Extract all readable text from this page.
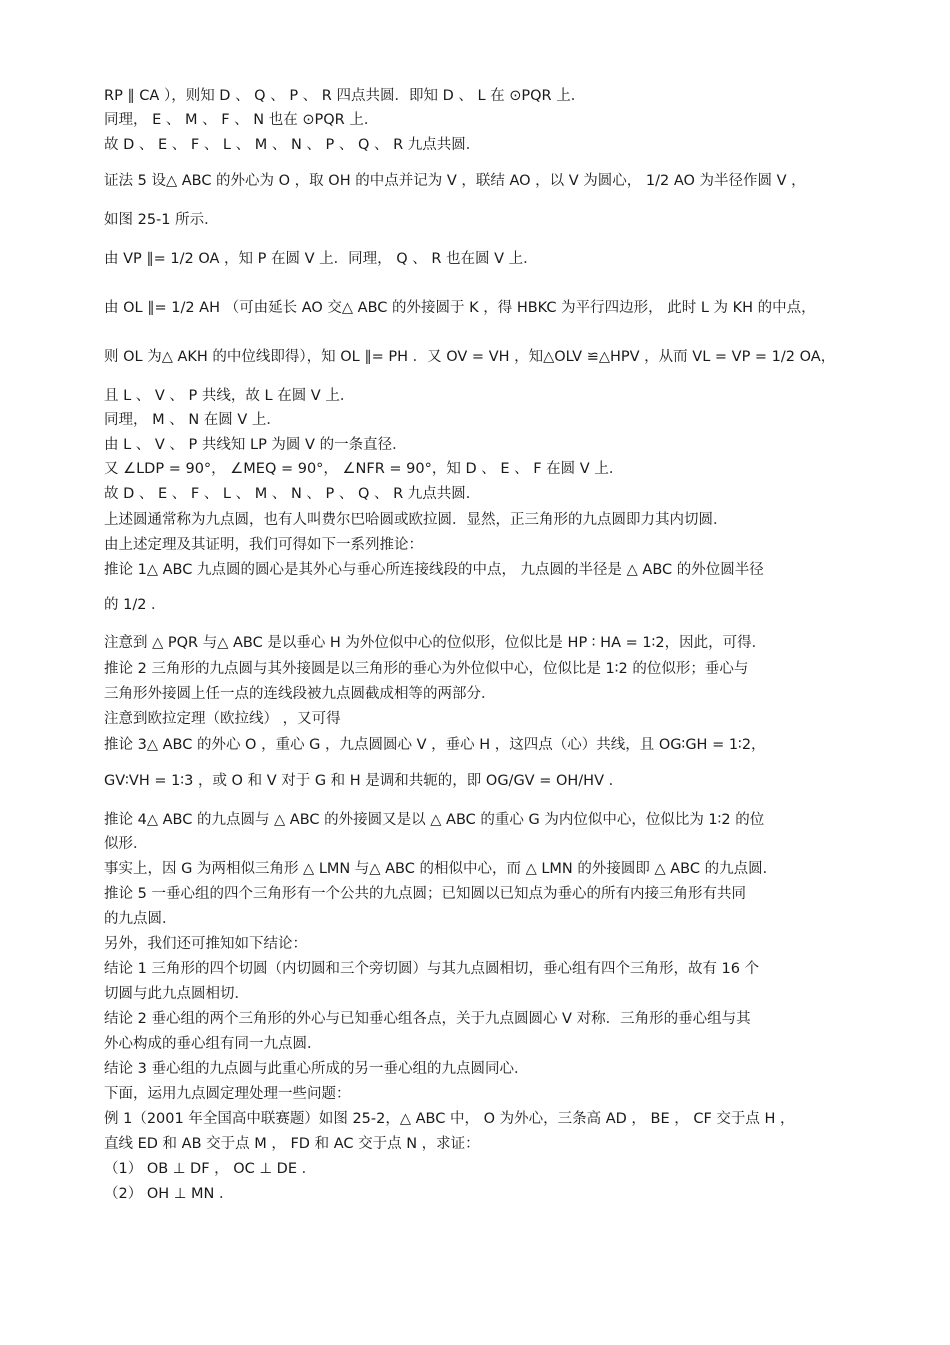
RP ∥ CA ），则知 D 、 Q 、 P 、 R 四点共圆．即知 D 、 L 在 ⊙PQR 上．
同理， E 、 M 、 F 、 N 也在 ⊙PQR 上．
故 D 、 E 、 F 、 L 、 M 、 N 、 P 、 Q 、 R 九点共圆．
证法 5 设△ ABC 的外心为 O ，取 OH 的中点并记为 V ，联结 AO ，以 V 为圆心， 1/2 AO 为半径作圆 V ，
如图 25-1 所示．
由 VP ∥= 1/2 OA ，知 P 在圆 V 上．同理， Q 、 R 也在圆 V 上．
由 OL ∥= 1/2 AH （可由延长 AO 交△ ABC 的外接圆于 K ，得 HBKC 为平行四边形， 此时 L 为 KH 的中点，
则 OL 为△ AKH 的中位线即得），知 OL ∥= PH ．又 OV = VH ，知△OLV ≌△HPV ，从而 VL = VP = 1/2 OA，
且 L 、 V 、 P 共线，故 L 在圆 V 上．
同理， M 、 N 在圆 V 上．
由 L 、 V 、 P 共线知 LP 为圆 V 的一条直径．
又 ∠LDP = 90°， ∠MEQ = 90°， ∠NFR = 90°，知 D 、 E 、 F 在圆 V 上．
故 D 、 E 、 F 、 L 、 M 、 N 、 P 、 Q 、 R 九点共圆．
上述圆通常称为九点圆，也有人叫费尔巴哈圆或欧拉圆．显然，正三角形的九点圆即力其内切圆．
由上述定理及其证明，我们可得如下一系列推论：
推论 1△ ABC 九点圆的圆心是其外心与垂心所连接线段的中点， 九点圆的半径是 △ ABC 的外位圆半径
的 1/2 ．
注意到 △ PQR 与△ ABC 是以垂心 H 为外位似中心的位似形，位似比是 HP ∶ HA = 1∶2，因此，可得．
推论 2 三角形的九点圆与其外接圆是以三角形的垂心为外位似中心，位似比是 1∶2 的位似形；垂心与
三角形外接圆上任一点的连线段被九点圆截成相等的两部分．
注意到欧拉定理（欧拉线） ，又可得
推论 3△ ABC 的外心 O ，重心 G ，九点圆圆心 V ，垂心 H ，这四点（心）共线，且 OG∶GH = 1∶2，
GV∶VH = 1∶3 ，或 O 和 V 对于 G 和 H 是调和共轭的，即 OG/GV = OH/HV ．
推论 4△ ABC 的九点圆与 △ ABC 的外接圆又是以 △ ABC 的重心 G 为内位似中心，位似比为 1∶2 的位
似形．
事实上，因 G 为两相似三角形 △ LMN 与△ ABC 的相似中心，而 △ LMN 的外接圆即 △ ABC 的九点圆．
推论 5 一垂心组的四个三角形有一个公共的九点圆；已知圆以已知点为垂心的所有内接三角形有共同
的九点圆．
另外，我们还可推知如下结论：
结论 1 三角形的四个切圆（内切圆和三个旁切圆）与其九点圆相切，垂心组有四个三角形，故有 16 个
切圆与此九点圆相切．
结论 2 垂心组的两个三角形的外心与已知垂心组各点，关于九点圆圆心 V 对称．三角形的垂心组与其
外心构成的垂心组有同一九点圆．
结论 3 垂心组的九点圆与此重心所成的另一垂心组的九点圆同心．
下面，运用九点圆定理处理一些问题：
例 1（2001 年全国高中联赛题）如图 25-2，△ ABC 中， O 为外心，三条高 AD ， BE ， CF 交于点 H ，
直线 ED 和 AB 交于点 M ， FD 和 AC 交于点 N ，求证：
（1） OB ⊥ DF ， OC ⊥ DE ．
（2） OH ⊥ MN ．
